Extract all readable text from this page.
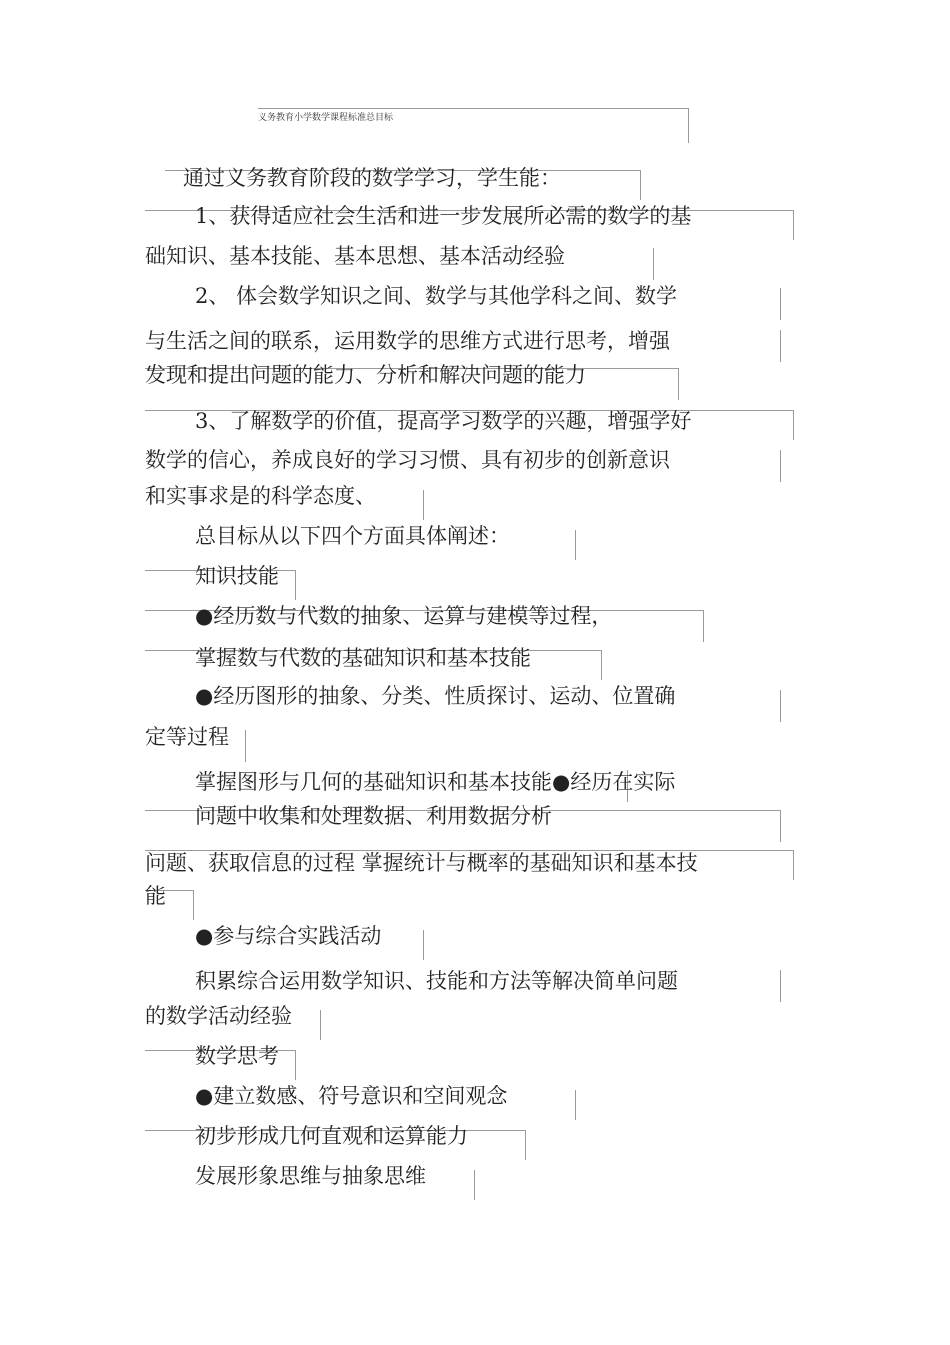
义务教育小学数学课程标准总目标
通过义务教育阶段的数学学习，学生能：
1、获得适应社会生活和进一步发展所必需的数学的基
础知识、基本技能、基本思想、基本活动经验
2、 体会数学知识之间、数学与其他学科之间、数学
与生活之间的联系，运用数学的思维方式进行思考，增强
发现和提出问题的能力、分析和解决问题的能力
3、了解数学的价值，提高学习数学的兴趣，增强学好
数学的信心，养成良好的学习习惯、具有初步的创新意识
和实事求是的科学态度、
总目标从以下四个方面具体阐述：
知识技能
●经历数与代数的抽象、运算与建模等过程，
掌握数与代数的基础知识和基本技能
●经历图形的抽象、分类、性质探讨、运动、位置确
定等过程
掌握图形与几何的基础知识和基本技能●经历在实际
问题中收集和处理数据、利用数据分析
问题、获取信息的过程 掌握统计与概率的基础知识和基本技
能
●参与综合实践活动
积累综合运用数学知识、技能和方法等解决简单问题
的数学活动经验
数学思考
●建立数感、符号意识和空间观念
初步形成几何直观和运算能力
发展形象思维与抽象思维
